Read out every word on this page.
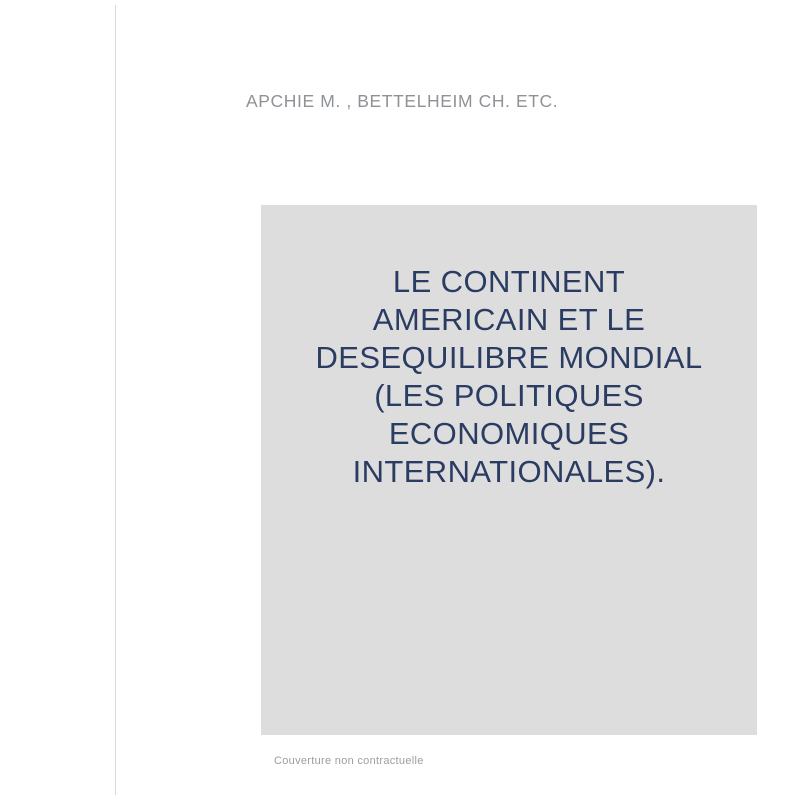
APCHIE M. , BETTELHEIM CH. ETC.
LE CONTINENT
AMERICAIN ET LE
DESEQUILIBRE MONDIAL
(LES POLITIQUES
ECONOMIQUES
INTERNATIONALES).
Couverture non contractuelle
